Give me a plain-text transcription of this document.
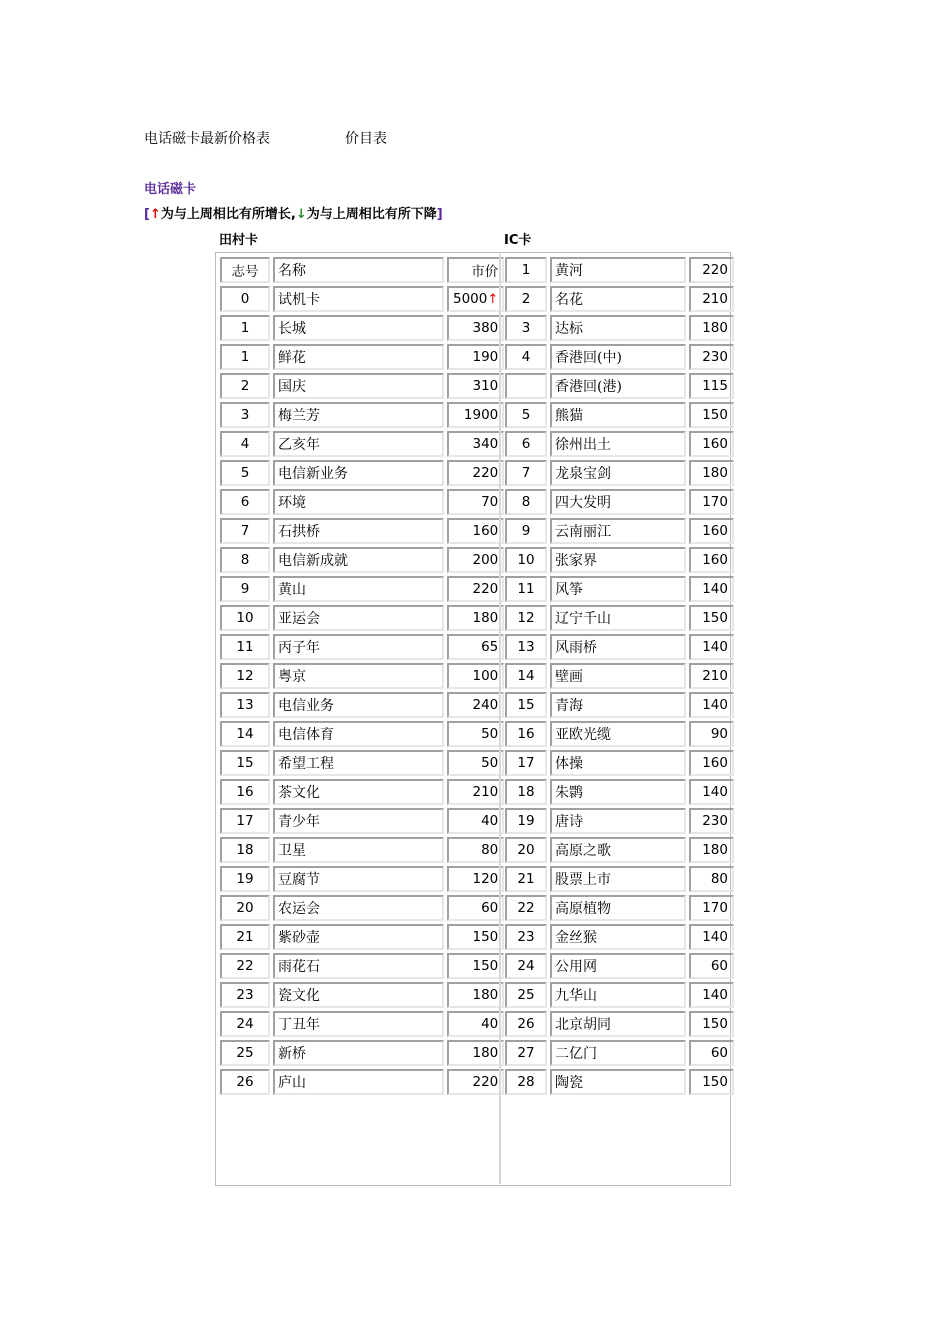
电话磁卡最新价格表	价目表
电话磁卡
[↑为与上周相比有所增长,↓为与上周相比有所下降]
田村卡	IC卡
志号	名称	市价
0	试机卡	5000↑
1	长城	380
1	鲜花	190
2	国庆	310
3	梅兰芳	1900
4	乙亥年	340
5	电信新业务	220
6	环境	70
7	石拱桥	160
8	电信新成就	200
9	黄山	220
10	亚运会	180
11	丙子年	65
12	粤京	100
13	电信业务	240
14	电信体育	50
15	希望工程	50
16	茶文化	210
17	青少年	40
18	卫星	80
19	豆腐节	120
20	农运会	60
21	紫砂壶	150
22	雨花石	150
23	瓷文化	180
24	丁丑年	40
25	新桥	180
26	庐山	220
1	黄河	220
2	名花	210
3	达标	180
4	香港回(中)	230
	香港回(港)	115
5	熊猫	150
6	徐州出土	160
7	龙泉宝剑	180
8	四大发明	170
9	云南丽江	160
10	张家界	160
11	风筝	140
12	辽宁千山	150
13	风雨桥	140
14	壁画	210
15	青海	140
16	亚欧光缆	90
17	体操	160
18	朱鹮	140
19	唐诗	230
20	高原之歌	180
21	股票上市	80
22	高原植物	170
23	金丝猴	140
24	公用网	60
25	九华山	140
26	北京胡同	150
27	二亿门	60
28	陶瓷	150
